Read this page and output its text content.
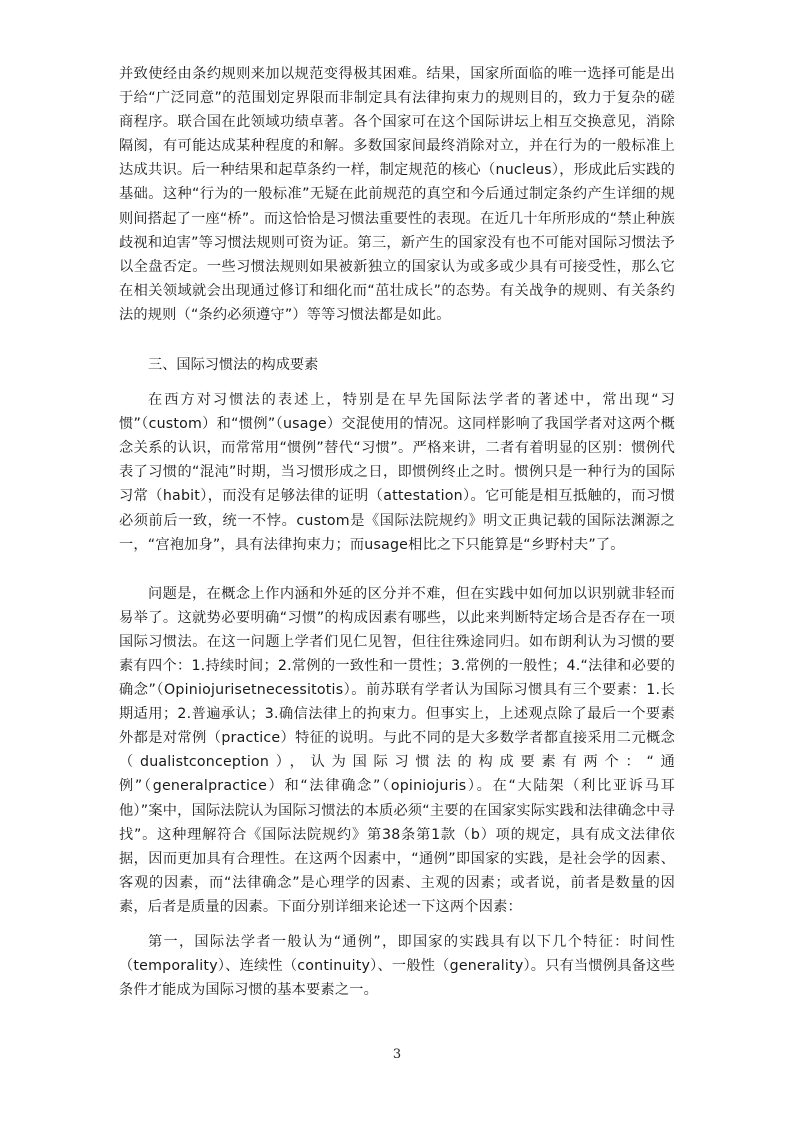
并致使经由条约规则来加以规范变得极其困难。结果，国家所面临的唯一选择可能是出于给“广泛同意”的范围划定界限而非制定具有法律拘束力的规则目的，致力于复杂的磋商程序。联合国在此领域功绩卓著。各个国家可在这个国际讲坛上相互交换意见，消除隔阂，有可能达成某种程度的和解。多数国家间最终消除对立，并在行为的一般标准上达成共识。后一种结果和起草条约一样，制定规范的核心（nucleus），形成此后实践的基础。这种“行为的一般标准”无疑在此前规范的真空和今后通过制定条约产生详细的规则间搭起了一座“桥”。而这恰恰是习惯法重要性的表现。在近几十年所形成的“禁止种族歧视和迫害”等习惯法规则可资为证。第三，新产生的国家没有也不可能对国际习惯法予以全盘否定。一些习惯法规则如果被新独立的国家认为或多或少具有可接受性，那么它在相关领域就会出现通过修订和细化而“茁壮成长”的态势。有关战争的规则、有关条约法的规则（“条约必须遵守”）等等习惯法都是如此。

三、国际习惯法的构成要素

在西方对习惯法的表述上，特别是在早先国际法学者的著述中，常出现“习惯”（custom）和“惯例”（usage）交混使用的情况。这同样影响了我国学者对这两个概念关系的认识，而常常用“惯例”替代“习惯”。严格来讲，二者有着明显的区别：惯例代表了习惯的“混沌”时期，当习惯形成之日，即惯例终止之时。惯例只是一种行为的国际习常（habit），而没有足够法律的证明（attestation）。它可能是相互抵触的，而习惯必须前后一致，统一不悖。custom是《国际法院规约》明文正典记载的国际法渊源之一，“宫袍加身”，具有法律拘束力；而usage相比之下只能算是“乡野村夫”了。

问题是，在概念上作内涵和外延的区分并不难，但在实践中如何加以识别就非轻而易举了。这就势必要明确“习惯”的构成因素有哪些，以此来判断特定场合是否存在一项国际习惯法。在这一问题上学者们见仁见智，但往往殊途同归。如布朗利认为习惯的要素有四个：1.持续时间；2.常例的一致性和一贯性；3.常例的一般性；4.“法律和必要的确念”（Opiniojurisetnecessitotis）。前苏联有学者认为国际习惯具有三个要素：1.长期适用；2.普遍承认；3.确信法律上的拘束力。但事实上，上述观点除了最后一个要素外都是对常例（practice）特征的说明。与此不同的是大多数学者都直接采用二元概念（dualistconception），认为国际习惯法的构成要素有两个：“通例”（generalpractice）和“法律确念”（opiniojuris）。在“大陆架（利比亚诉马耳他）”案中，国际法院认为国际习惯法的本质必须“主要的在国家实际实践和法律确念中寻找”。这种理解符合《国际法院规约》第38条第1款（b）项的规定，具有成文法律依据，因而更加具有合理性。在这两个因素中，“通例”即国家的实践，是社会学的因素、客观的因素，而“法律确念”是心理学的因素、主观的因素；或者说，前者是数量的因素，后者是质量的因素。下面分别详细来论述一下这两个因素：

第一，国际法学者一般认为“通例”，即国家的实践具有以下几个特征：时间性（temporality）、连续性（continuity）、一般性（generality）。只有当惯例具备这些条件才能成为国际习惯的基本要素之一。

3
